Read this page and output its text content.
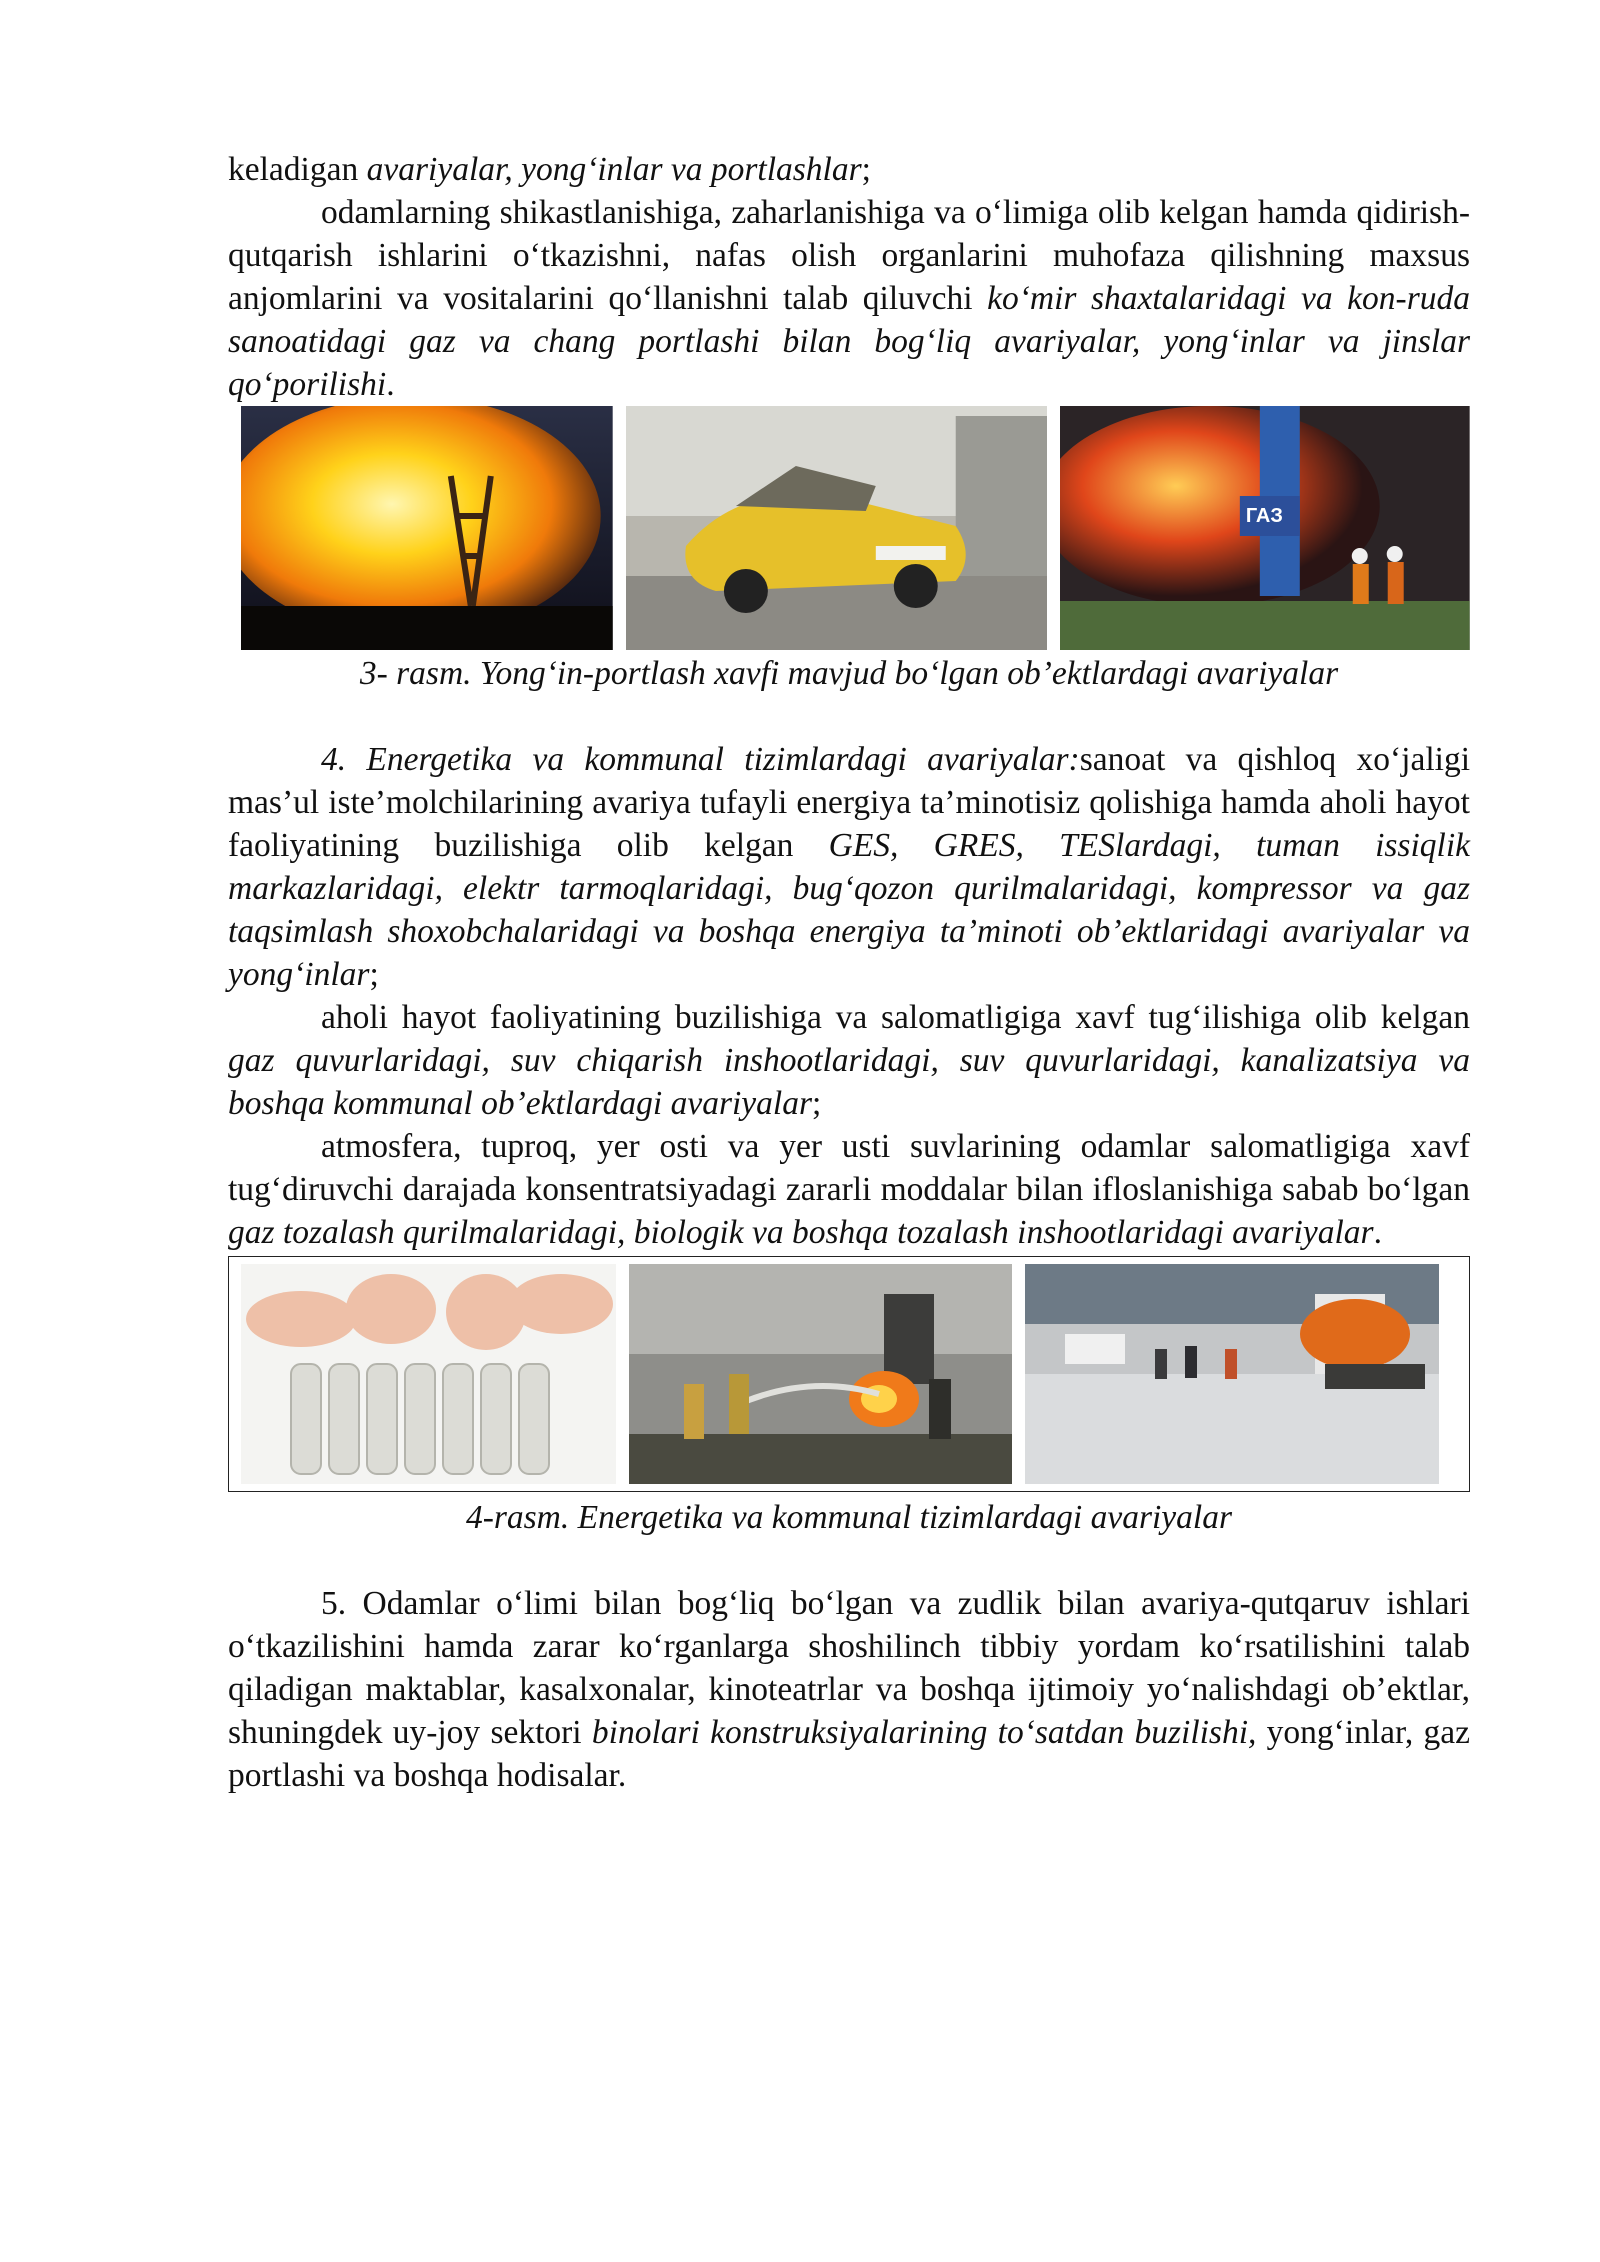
keladigan avariyalar, yong‘inlar va portlashlar;

odamlarning shikastlanishiga, zaharlanishiga va o‘limiga olib kelgan hamda qidirish-qutqarish ishlarini o‘tkazishni, nafas olish organlarini muhofaza qilishning maxsus anjomlarini va vositalarini qo‘llanishni talab qiluvchi ko‘mir shaxtalaridagi va kon-ruda sanoatidagi gaz va chang portlashi bilan bog‘liq avariyalar, yong‘inlar va jinslar qo‘porilishi.

ГАЗ
3- rasm. Yong‘in-portlash xavfi mavjud bo‘lgan ob’ektlardagi avariyalar

4. Energetika va kommunal tizimlardagi avariyalar:sanoat va qishloq xo‘jaligi mas’ul iste’molchilarining avariya tufayli energiya ta’minotisiz qolishiga hamda aholi hayot faoliyatining buzilishiga olib kelgan GES, GRES, TESlardagi, tuman issiqlik markazlaridagi, elektr tarmoqlaridagi, bug‘qozon qurilmalaridagi, kompressor va gaz taqsimlash shoxobchalaridagi va boshqa energiya ta’minoti ob’ektlaridagi avariyalar va yong‘inlar;

aholi hayot faoliyatining buzilishiga va salomatligiga xavf tug‘ilishiga olib kelgan gaz quvurlaridagi, suv chiqarish inshootlaridagi, suv quvurlaridagi, kanalizatsiya va boshqa kommunal ob’ektlardagi avariyalar;

atmosfera, tuproq, yer osti va yer usti suvlarining odamlar salomatligiga xavf tug‘diruvchi darajada konsentratsiyadagi zararli moddalar bilan ifloslanishiga sabab bo‘lgan gaz tozalash qurilmalaridagi, biologik va boshqa tozalash inshootlaridagi avariyalar.

4-rasm. Energetika va kommunal tizimlardagi avariyalar

5. Odamlar o‘limi bilan bog‘liq bo‘lgan va zudlik bilan avariya-qutqaruv ishlari o‘tkazilishini hamda zarar ko‘rganlarga shoshilinch tibbiy yordam ko‘rsatilishini talab qiladigan maktablar, kasalxonalar, kinoteatrlar va boshqa ijtimoiy yo‘nalishdagi ob’ektlar, shuningdek uy-joy sektori binolari konstruksiyalarining to‘satdan buzilishi, yong‘inlar, gaz portlashi va boshqa hodisalar.
